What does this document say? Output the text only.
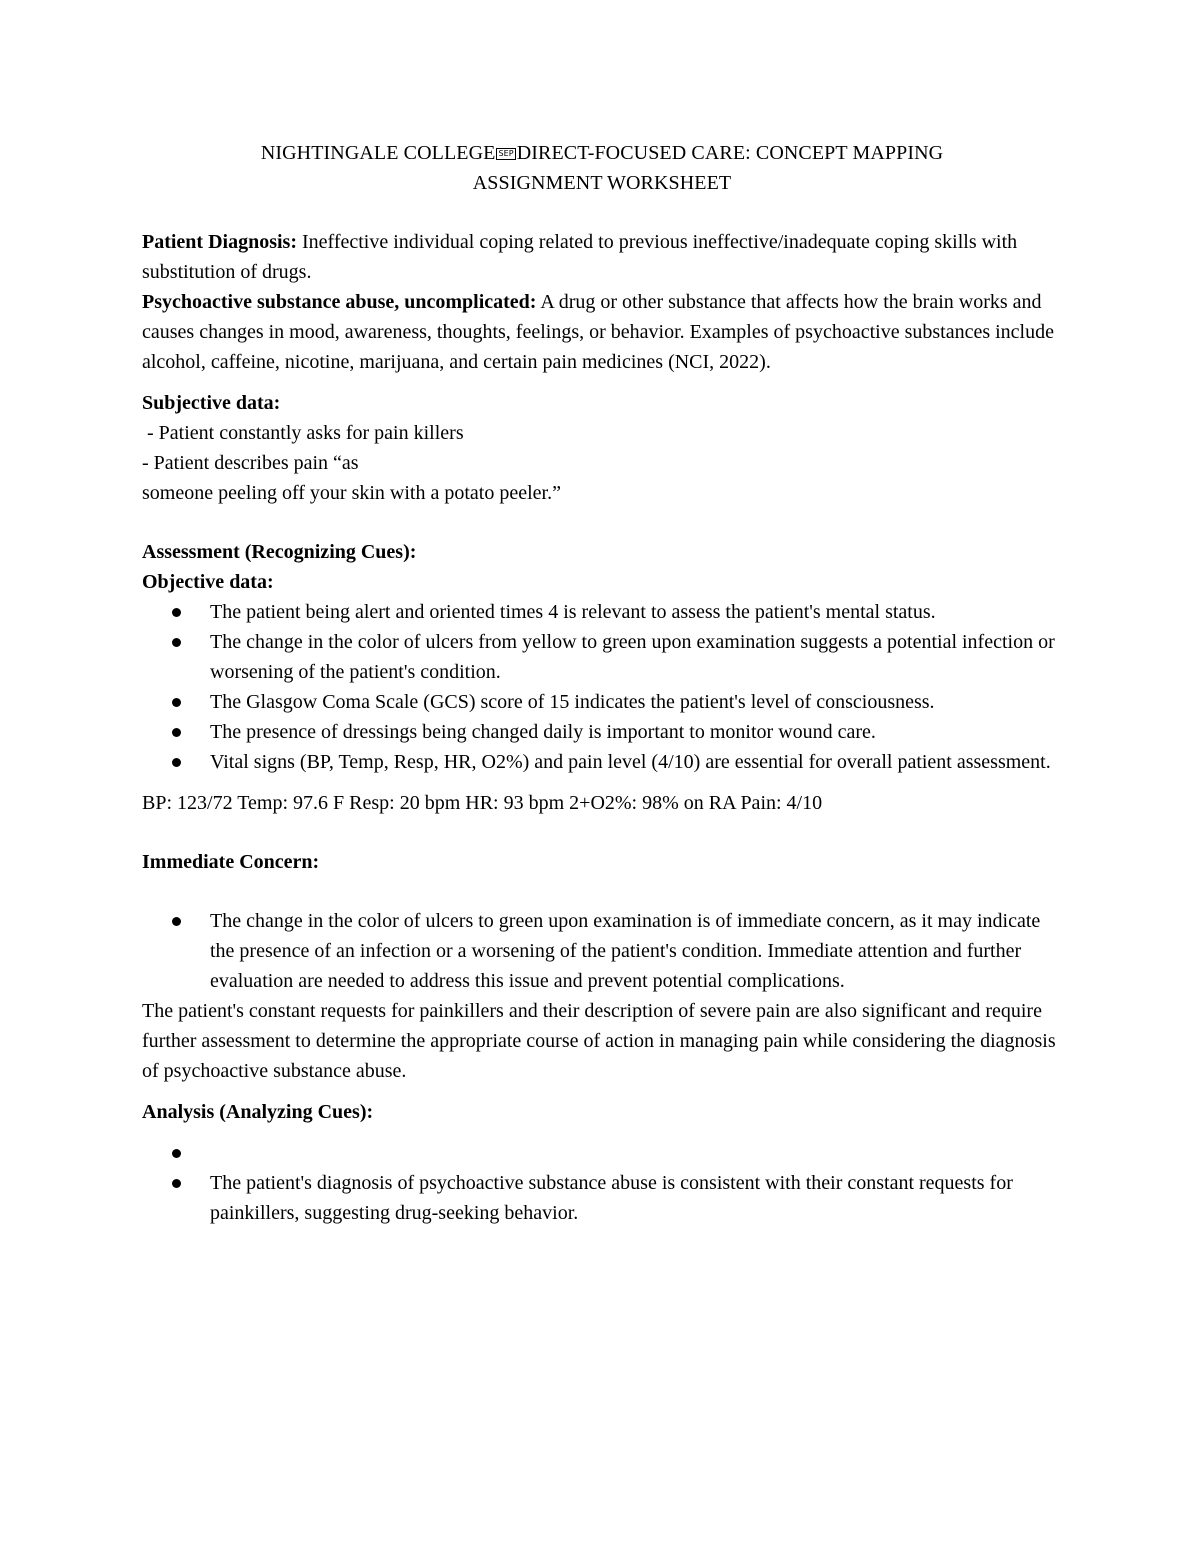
NIGHTINGALE COLLEGE SEP DIRECT-FOCUSED CARE: CONCEPT MAPPING
ASSIGNMENT WORKSHEET

Patient Diagnosis: Ineffective individual coping related to previous ineffective/inadequate coping skills with substitution of drugs.

Psychoactive substance abuse, uncomplicated: A drug or other substance that affects how the brain works and causes changes in mood, awareness, thoughts, feelings, or behavior. Examples of psychoactive substances include alcohol, caffeine, nicotine, marijuana, and certain pain medicines (NCI, 2022).

Subjective data:

- Patient constantly asks for pain killers

- Patient describes pain “as

someone peeling off your skin with a potato peeler.”

Assessment (Recognizing Cues):

Objective data:

The patient being alert and oriented times 4 is relevant to assess the patient's mental status.
The change in the color of ulcers from yellow to green upon examination suggests a potential infection or worsening of the patient's condition.
The Glasgow Coma Scale (GCS) score of 15 indicates the patient's level of consciousness.
The presence of dressings being changed daily is important to monitor wound care.
Vital signs (BP, Temp, Resp, HR, O2%) and pain level (4/10) are essential for overall patient assessment.

BP: 123/72 Temp: 97.6 F Resp: 20 bpm HR: 93 bpm 2+O2%: 98% on RA Pain: 4/10

Immediate Concern:

The change in the color of ulcers to green upon examination is of immediate concern, as it may indicate the presence of an infection or a worsening of the patient's condition. Immediate attention and further evaluation are needed to address this issue and prevent potential complications.

The patient's constant requests for painkillers and their description of severe pain are also significant and require further assessment to determine the appropriate course of action in managing pain while considering the diagnosis of psychoactive substance abuse.

Analysis (Analyzing Cues):

The patient's diagnosis of psychoactive substance abuse is consistent with their constant requests for painkillers, suggesting drug-seeking behavior.
